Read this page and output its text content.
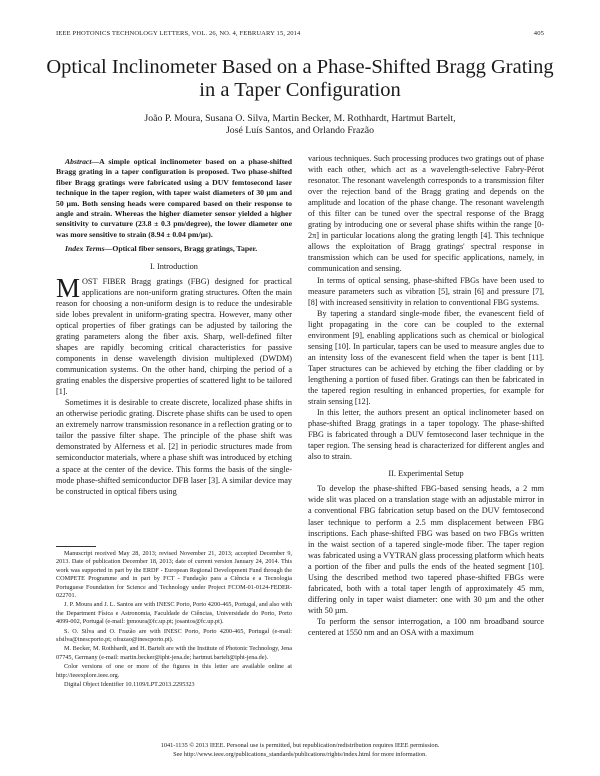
IEEE PHOTONICS TECHNOLOGY LETTERS, VOL. 26, NO. 4, FEBRUARY 15, 2014	405
Optical Inclinometer Based on a Phase-Shifted Bragg Grating in a Taper Configuration
João P. Moura, Susana O. Silva, Martin Becker, M. Rothhardt, Hartmut Bartelt,
José Luís Santos, and Orlando Frazão

Abstract—A simple optical inclinometer based on a phase-shifted Bragg grating in a taper configuration is proposed. Two phase-shifted fiber Bragg gratings were fabricated using a DUV femtosecond laser technique in the taper region, with taper waist diameters of 30 µm and 50 µm. Both sensing heads were compared based on their response to angle and strain. Whereas the higher diameter sensor yielded a higher sensitivity to curvature (23.8 ± 0.3 pm/degree), the lower diameter one was more sensitive to strain (8.94 ± 0.04 pm/µε).

Index Terms—Optical fiber sensors, Bragg gratings, Taper.

I. Introduction

MOST FIBER Bragg gratings (FBG) designed for practical applications are non-uniform grating structures. Often the main reason for choosing a non-uniform design is to reduce the undesirable side lobes prevalent in uniform-grating spectra. However, many other optical properties of fiber gratings can be adjusted by tailoring the grating parameters along the fiber axis. Sharp, well-defined filter shapes are rapidly becoming critical characteristics for passive components in dense wavelength division multiplexed (DWDM) communication systems. On the other hand, chirping the period of a grating enables the dispersive properties of scattered light to be tailored [1].

Sometimes it is desirable to create discrete, localized phase shifts in an otherwise periodic grating. Discrete phase shifts can be used to open an extremely narrow transmission resonance in a reflection grating or to tailor the passive filter shape. The principle of the phase shift was demonstrated by Alferness et al. [2] in periodic structures made from semiconductor materials, where a phase shift was introduced by etching a space at the center of the device. This forms the basis of the single-mode phase-shifted semiconductor DFB laser [3]. A similar device may be constructed in optical fibers using

Manuscript received May 28, 2013; revised November 21, 2013; accepted December 9, 2013. Date of publication December 18, 2013; date of current version January 24, 2014. This work was supported in part by the ERDF - European Regional Development Fund through the COMPETE Programme and in part by FCT - Fundação para a Ciência e a Tecnologia Portuguese Foundation for Science and Technology under Project FCOM-01-0124-FEDER-022701.

J. P. Moura and J. L. Santos are with INESC Porto, Porto 4200-465, Portugal, and also with the Department Física e Astronomia, Faculdade de Ciências, Universidade do Porto, Porto 4099-002, Portugal (e-mail: jpmoura@fc.up.pt; josantos@fc.up.pt).

S. O. Silva and O. Frazão are with INESC Porto, Porto 4200-465, Portugal (e-mail: sfsilva@inescporto.pt; ofrazao@inescporto.pt).

M. Becker, M. Rothhardt, and H. Bartelt are with the Institute of Photonic Technology, Jena 07745, Germany (e-mail: martin.becker@ipht-jena.de; hartmut.bartelt@ipht-jena.de).

Color versions of one or more of the figures in this letter are available online at http://ieeexplore.ieee.org.

Digital Object Identifier 10.1109/LPT.2013.2295323

various techniques. Such processing produces two gratings out of phase with each other, which act as a wavelength-selective Fabry-Pérot resonator. The resonant wavelength corresponds to a transmission filter over the rejection band of the Bragg grating and depends on the amplitude and location of the phase change. The resonant wavelength of this filter can be tuned over the spectral response of the Bragg grating by introducing one or several phase shifts within the range [0-2π] in particular locations along the grating length [4]. This technique allows the exploitation of Bragg gratings' spectral response in transmission which can be used for specific applications, namely, in communication and sensing.

In terms of optical sensing, phase-shifted FBGs have been used to measure parameters such as vibration [5], strain [6] and pressure [7], [8] with increased sensitivity in relation to conventional FBG systems.

By tapering a standard single-mode fiber, the evanescent field of light propagating in the core can be coupled to the external environment [9], enabling applications such as chemical or biological sensing [10]. In particular, tapers can be used to measure angles due to an intensity loss of the evanescent field when the taper is bent [11]. Taper structures can be achieved by etching the fiber cladding or by lengthening a portion of fused fiber. Gratings can then be fabricated in the tapered region resulting in enhanced properties, for example for strain sensing [12].

In this letter, the authors present an optical inclinometer based on phase-shifted Bragg gratings in a taper topology. The phase-shifted FBG is fabricated through a DUV femtosecond laser technique in the taper region. The sensing head is characterized for different angles and also to strain.

II. Experimental Setup

To develop the phase-shifted FBG-based sensing heads, a 2 mm wide slit was placed on a translation stage with an adjustable mirror in a conventional FBG fabrication setup based on the DUV femtosecond laser technique to perform a 2.5 mm displacement between FBG inscriptions. Each phase-shifted FBG was based on two FBGs written in the waist section of a tapered single-mode fiber. The taper region was fabricated using a VYTRAN glass processing platform which heats a portion of the fiber and pulls the ends of the heated segment [10]. Using the described method two tapered phase-shifted FBGs were fabricated, both with a total taper length of approximately 45 mm, differing only in taper waist diameter: one with 30 µm and the other with 50 µm.

To perform the sensor interrogation, a 100 nm broadband source centered at 1550 nm and an OSA with a maximum

1041-1135 © 2013 IEEE. Personal use is permitted, but republication/redistribution requires IEEE permission.
See http://www.ieee.org/publications_standards/publications/rights/index.html for more information.
